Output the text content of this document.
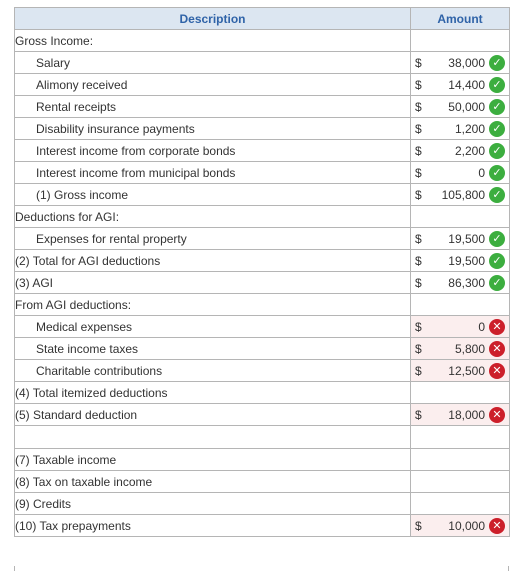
Description	Amount
Gross Income:	
Salary	$ 38,000 ✓

Alimony received	$ 14,400 ✓

Rental receipts	$ 50,000 ✓

Disability insurance payments	$ 1,200 ✓

Interest income from corporate bonds	$ 2,200 ✓

Interest income from municipal bonds	$ 0 ✓

(1) Gross income	$ 105,800 ✓

Deductions for AGI:	
Expenses for rental property	$ 19,500 ✓

(2) Total for AGI deductions	$ 19,500 ✓

(3) AGI	$ 86,300 ✓

From AGI deductions:	
Medical expenses	$ 0 ✕

State income taxes	$ 5,800 ✕

Charitable contributions	$ 12,500 ✕

(4) Total itemized deductions	
(5) Standard deduction	$ 18,000 ✕

(7) Taxable income	
(8) Tax on taxable income	
(9) Credits	
(10) Tax prepayments	$ 10,000 ✕
